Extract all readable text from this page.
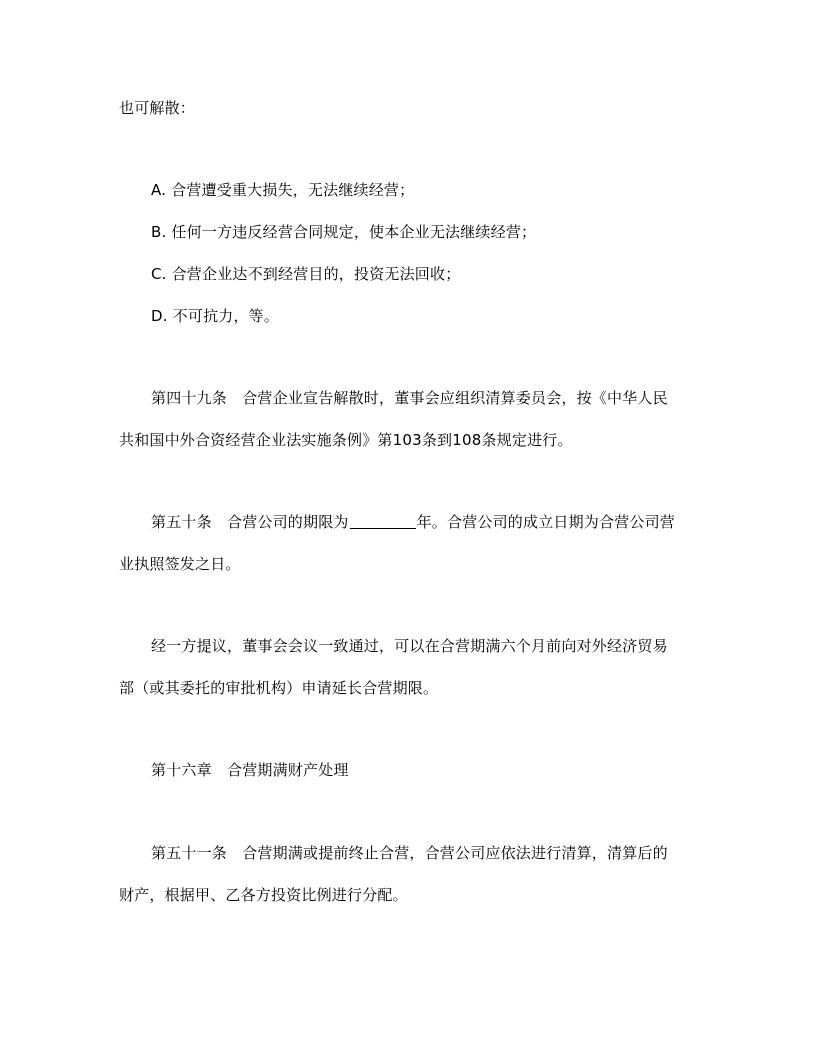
也可解散：
A. 合营遭受重大损失，无法继续经营；
B. 任何一方违反经营合同规定，使本企业无法继续经营；
C. 合营企业达不到经营目的，投资无法回收；
D. 不可抗力，等。
第四十九条　合营企业宣告解散时，董事会应组织清算委员会，按《中华人民
共和国中外合资经营企业法实施条例》第103条到108条规定进行。
第五十条　合营公司的期限为	年。合营公司的成立日期为合营公司营
业执照签发之日。
经一方提议，董事会会议一致通过，可以在合营期满六个月前向对外经济贸易
部（或其委托的审批机构）申请延长合营期限。
第十六章　合营期满财产处理
第五十一条　合营期满或提前终止合营，合营公司应依法进行清算，清算后的
财产，根据甲、乙各方投资比例进行分配。
